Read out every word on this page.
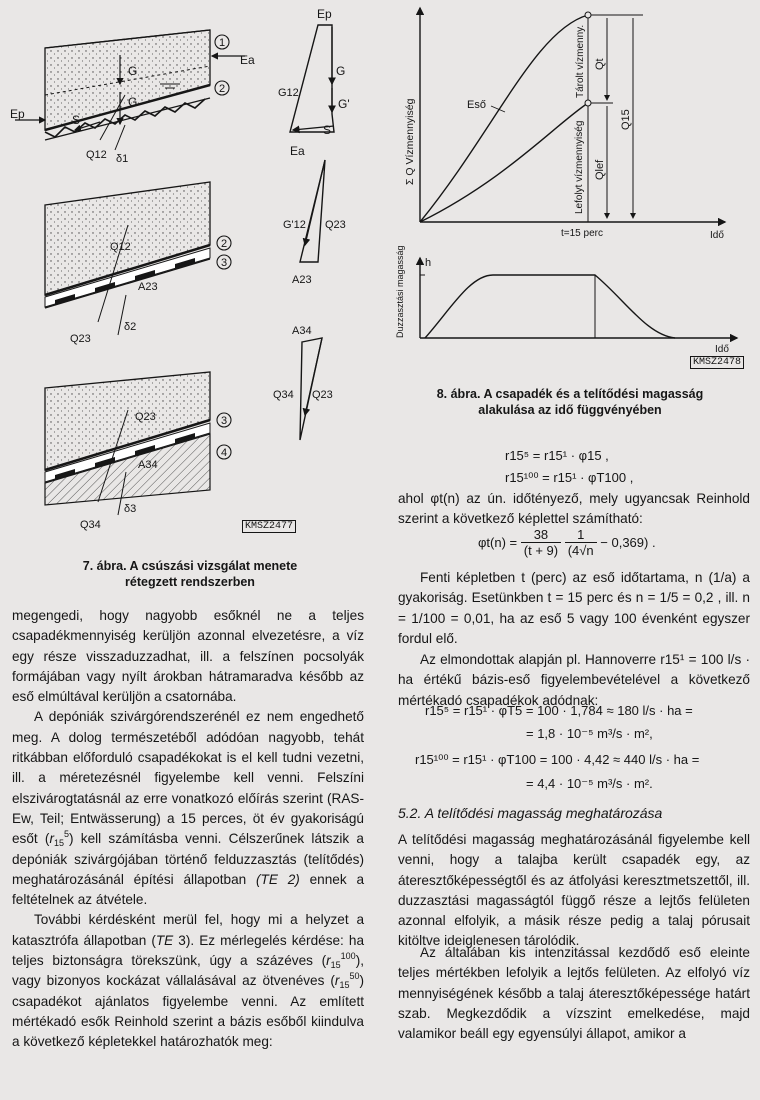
Ea
Ep
G
G
S
Q12 δ1
1
2
Ep
G
G12
G'
S
Ea
Q12
A23
Q23
δ2
2
3
G'12 Q23
A23
Q23
A34
Q34
δ3
3
4
A34
Q34 Q23
KMSZ2477
7. ábra. A csúszási vizsgálat menete
rétegzett rendszerben
Σ Q Vízmennyiség	Eső
Tárolt vízmenny.
Lefolyt vízmennyiség
Qt
Qlef
Q15
t=15 perc	Idő
h
Duzzasztási magasság
Idő
KMSZ2478
8. ábra. A csapadék és a telítődési magasság
alakulása az idő függvényében

megengedi, hogy nagyobb esőknél ne a teljes csapadékmennyiség kerüljön azonnal elvezetésre, a víz egy része visszaduzzadhat, ill. a felszínen pocsolyák formájában vagy nyílt árokban hátramaradva később az eső elmúltával kerüljön a csatornába.

A depóniák szivárgórendszerénél ez nem engedhető meg. A dolog természetéből adódóan nagyobb, tehát ritkábban előforduló csapadékokat is el kell tudni vezetni, ill. a méretezésnél figyelembe kell venni. Felszíni elszivárogtatásnál az erre vonatkozó előírás szerint (RAS-Ew, Teil; Entwässerung) a 15 perces, öt év gyakoriságú esőt $(r_{15}^5)$ kell számításba venni. Célszerűnek látszik a depóniák szivárgójában történő felduzzasztás (telítődés) meghatározásánál építési állapotban (TE 2) ennek a feltételnek az átvétele.

További kérdésként merül fel, hogy mi a helyzet a katasztrófa állapotban (TE 3). Ez mérlegelés kérdése: ha teljes biztonságra törekszünk, úgy a százéves $(r_{15}^{100})$, vagy bizonyos kockázat vállalásával az ötvenéves $(r_{15}^{50})$ csapadékot ajánlatos figyelembe venni. Az említett mértékadó esők Reinhold szerint a bázis esőből kiindulva a következő képletekkel határozhatók meg:

r15⁵ = r15¹ · φ15 ,
r15¹⁰⁰ = r15¹ · φT100 ,
ahol φt(n) az ún. időtényező, mely ugyancsak Reinhold szerint a következő képlettel számítható:
$\varphi t(n) = \frac{38}{(t + 9)}$
$\frac{1}{(4√n} - 0,369$) .
Fenti képletben t (perc) az eső időtartama, n (1/a) a gyakoriság. Esetünkben t = 15 perc és n = 1/5 = 0,2 , ill. n = 1/100 = 0,01, ha az eső 5 vagy 100 évenként egyszer fordul elő.
Az elmondottak alapján pl. Hannoverre r15¹ = 100 l/s · ha értékű bázis-eső figyelembevételével a következő mértékadó csapadékok adódnak:
r15⁵ = r15¹ · φT5 = 100 · 1,784 ≈ 180 l/s · ha =
= 1,8 · 10⁻⁵ m³/s · m²,
r15¹⁰⁰ = r15¹ · φT100 = 100 · 4,42 ≈ 440 l/s · ha =
= 4,4 · 10⁻⁵ m³/s · m².
5.2. A telítődési magasság meghatározása
A telítődési magasság meghatározásánál figyelembe kell venni, hogy a talajba került csapadék egy, az áteresztőképességtől és az átfolyási keresztmetszettől, ill. duzzasztási magasságtól függő része a lejtős felületen azonnal elfolyik, a másik része pedig a talaj pórusait kitöltve ideiglenesen tárolódik.
Az általában kis intenzitással kezdődő eső eleinte teljes mértékben lefolyik a lejtős felületen. Az elfolyó víz mennyiségének később a talaj áteresztőképessége határt szab. Megkezdődik a vízszint emelkedése, majd valamikor beáll egy egyensúlyi állapot, amikor a
